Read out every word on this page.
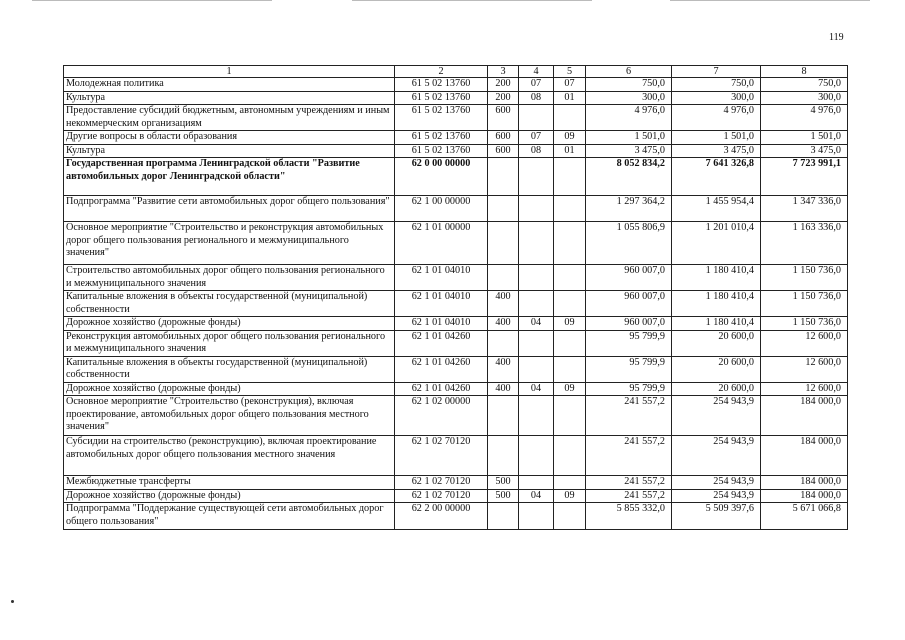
119
1	2	3	4	5	6	7	8
Молодежная политика	61 5 02 13760	200	07	07	750,0	750,0	750,0
Культура	61 5 02 13760	200	08	01	300,0	300,0	300,0
Предоставление субсидий бюджетным, автономным учреждениям и иным некоммерческим организациям	61 5 02 13760	600			4 976,0	4 976,0	4 976,0
Другие вопросы в области образования	61 5 02 13760	600	07	09	1 501,0	1 501,0	1 501,0
Культура	61 5 02 13760	600	08	01	3 475,0	3 475,0	3 475,0
Государственная программа Ленинградской области "Развитие автомобильных дорог Ленинградской области"	62 0 00 00000				8 052 834,2	7 641 326,8	7 723 991,1
Подпрограмма "Развитие сети автомобильных дорог общего пользования"	62 1 00 00000				1 297 364,2	1 455 954,4	1 347 336,0
Основное мероприятие "Строительство и реконструкция автомобильных дорог общего пользования регионального и межмуниципального значения"	62 1 01 00000				1 055 806,9	1 201 010,4	1 163 336,0
Строительство автомобильных дорог общего пользования регионального и межмуниципального значения	62 1 01 04010				960 007,0	1 180 410,4	1 150 736,0
Капитальные вложения в объекты государственной (муниципальной) собственности	62 1 01 04010	400			960 007,0	1 180 410,4	1 150 736,0
Дорожное хозяйство (дорожные фонды)	62 1 01 04010	400	04	09	960 007,0	1 180 410,4	1 150 736,0
Реконструкция автомобильных дорог общего пользования регионального и межмуниципального значения	62 1 01 04260				95 799,9	20 600,0	12 600,0
Капитальные вложения в объекты государственной (муниципальной) собственности	62 1 01 04260	400			95 799,9	20 600,0	12 600,0
Дорожное хозяйство (дорожные фонды)	62 1 01 04260	400	04	09	95 799,9	20 600,0	12 600,0
Основное мероприятие "Строительство (реконструкция), включая проектирование, автомобильных дорог общего пользования местного значения"	62 1 02 00000				241 557,2	254 943,9	184 000,0
Субсидии на строительство (реконструкцию), включая проектирование автомобильных дорог общего пользования местного значения	62 1 02 70120				241 557,2	254 943,9	184 000,0
Межбюджетные трансферты	62 1 02 70120	500			241 557,2	254 943,9	184 000,0
Дорожное хозяйство (дорожные фонды)	62 1 02 70120	500	04	09	241 557,2	254 943,9	184 000,0
Подпрограмма "Поддержание существующей сети автомобильных дорог общего пользования"	62 2 00 00000				5 855 332,0	5 509 397,6	5 671 066,8
